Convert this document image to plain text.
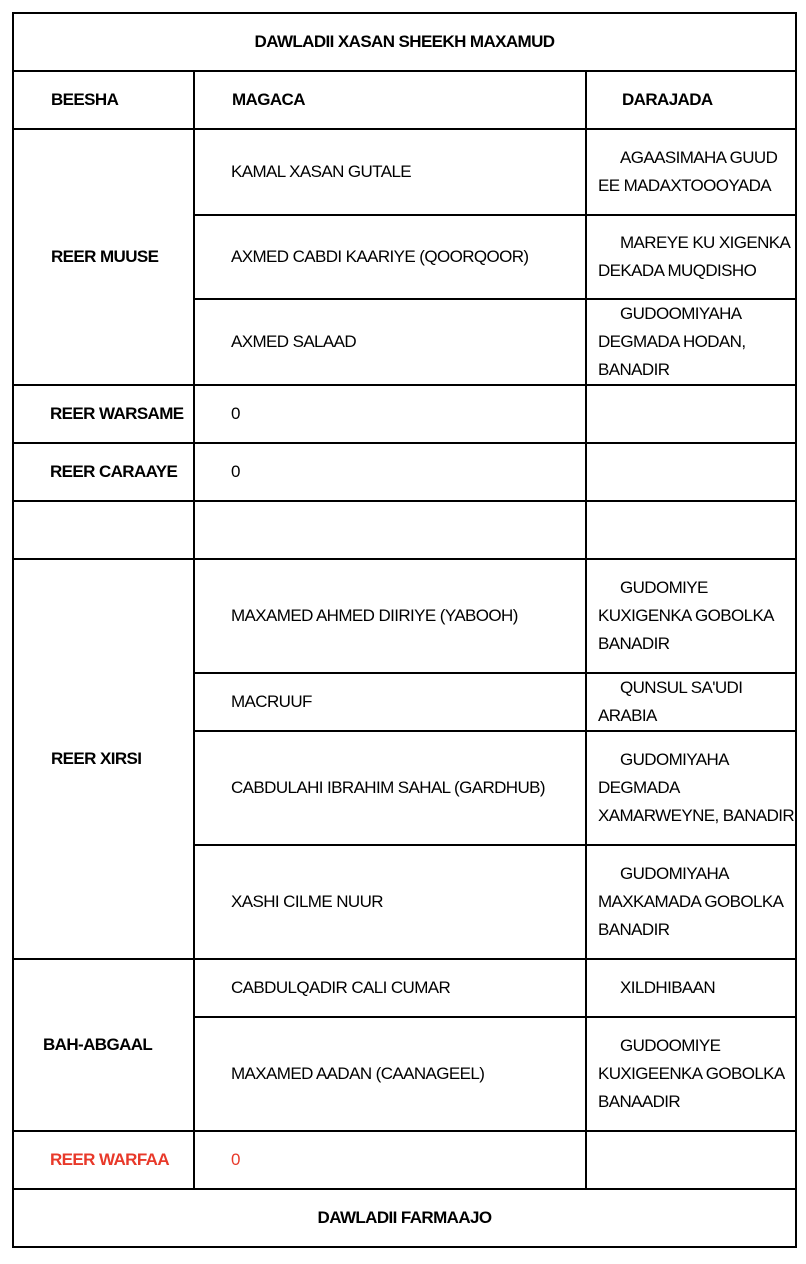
DAWLADII XASAN SHEEKH MAXAMUD		
BEESHA	MAGACA	DARAJADA
REER MUUSE	KAMAL XASAN GUTALE	AGAASIMAHA GUUD EE MADAXTOOOYADA
	AXMED CABDI KAARIYE (QOORQOOR)	MAREYE KU XIGENKA DEKADA MUQDISHO
	AXMED SALAAD	GUDOOMIYAHA DEGMADA HODAN, BANADIR
REER WARSAME	0	
REER CARAAYE	0	

REER XIRSI	MAXAMED AHMED DIIRIYE (YABOOH)	GUDOMIYE KUXIGENKA GOBOLKA BANADIR
	MACRUUF	QUNSUL SA'UDI ARABIA
	CABDULAHI IBRAHIM SAHAL (GARDHUB)	GUDOMIYAHA DEGMADA XAMARWEYNE, BANADIR
	XASHI CILME NUUR	GUDOMIYAHA MAXKAMADA GOBOLKA BANADIR
BAH-ABGAAL	CABDULQADIR CALI CUMAR	XILDHIBAAN
	MAXAMED AADAN (CAANAGEEL)	GUDOOMIYE KUXIGEENKA GOBOLKA BANAADIR
REER WARFAA	0	
DAWLADII FARMAAJO		
